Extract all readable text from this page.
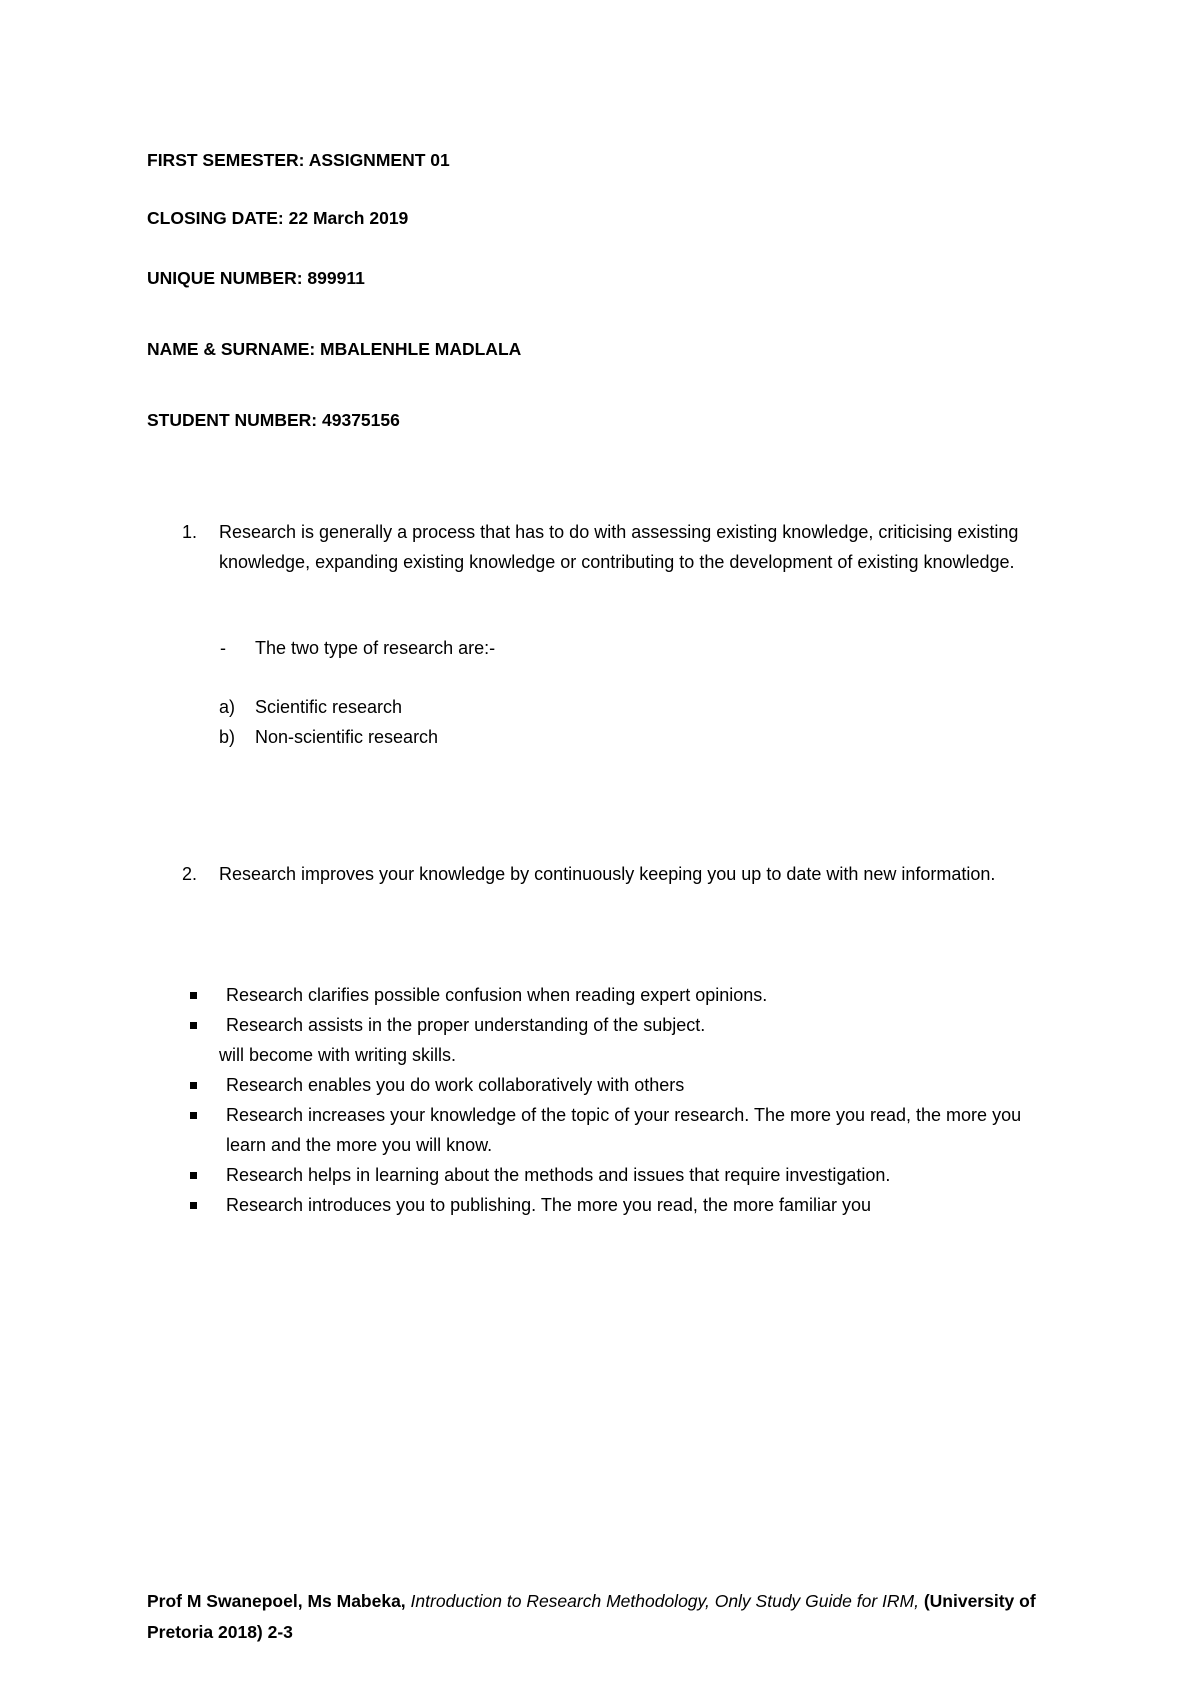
FIRST SEMESTER: ASSIGNMENT 01
CLOSING DATE: 22 March 2019
UNIQUE NUMBER: 899911
NAME & SURNAME: MBALENHLE MADLALA
STUDENT NUMBER: 49375156
1. Research is generally a process that has to do with assessing existing knowledge, criticising existing knowledge, expanding existing knowledge or contributing to the development of existing knowledge.
- The two type of research are:-
a) Scientific research
b) Non-scientific research
2. Research improves your knowledge by continuously keeping you up to date with new information.
Research clarifies possible confusion when reading expert opinions.
Research assists in the proper understanding of the subject.
will become with writing skills.
Research enables you do work collaboratively with others
Research increases your knowledge of the topic of your research. The more you read, the more you learn and the more you will know.
Research helps in learning about the methods and issues that require investigation.
Research introduces you to publishing. The more you read, the more familiar you
Prof M Swanepoel, Ms Mabeka, Introduction to Research Methodology, Only Study Guide for IRM, (University of Pretoria 2018) 2-3
